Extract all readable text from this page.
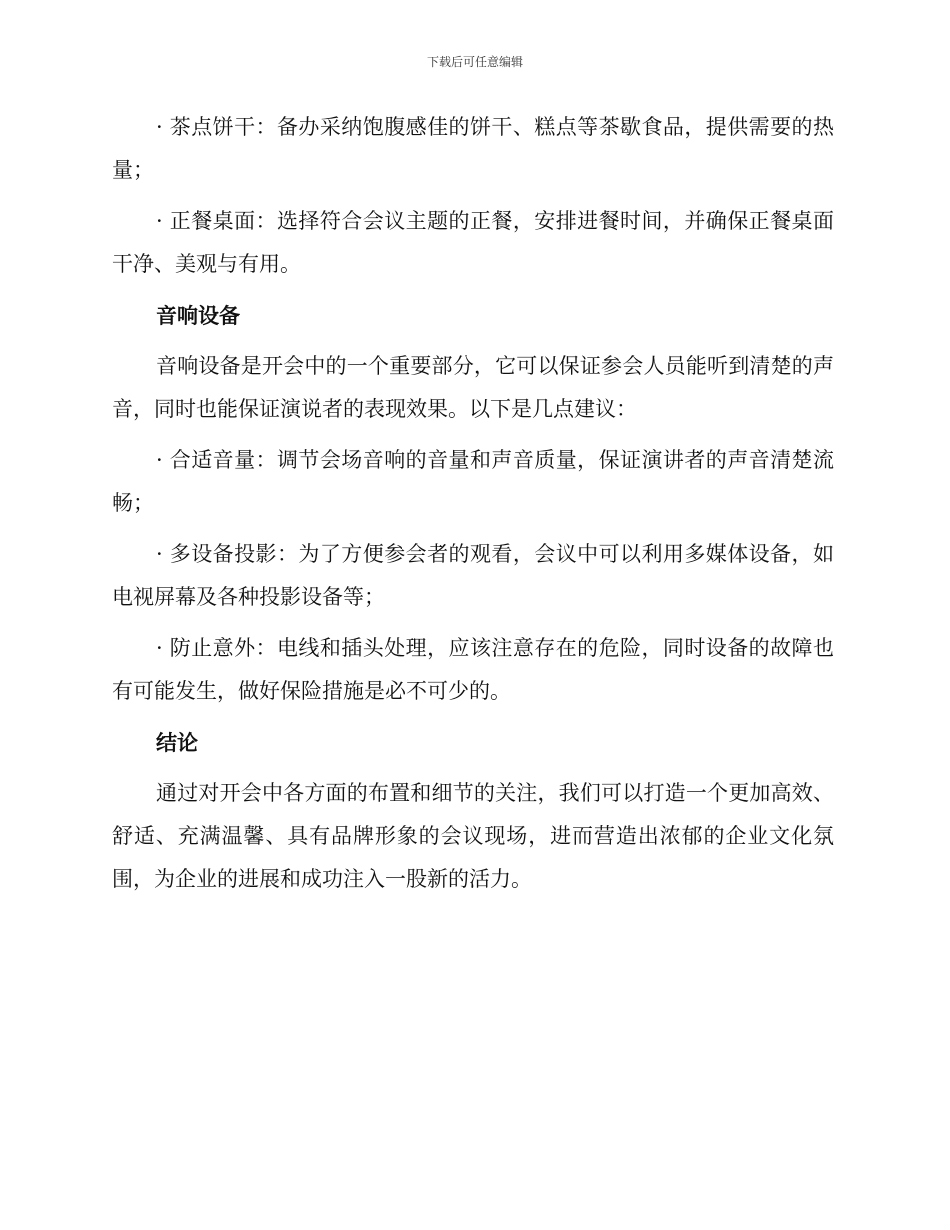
下载后可任意编辑

· 茶点饼干：备办采纳饱腹感佳的饼干、糕点等茶歇食品，提供需要的热量；

· 正餐桌面：选择符合会议主题的正餐，安排进餐时间，并确保正餐桌面干净、美观与有用。

音响设备

音响设备是开会中的一个重要部分，它可以保证参会人员能听到清楚的声音，同时也能保证演说者的表现效果。以下是几点建议：

· 合适音量：调节会场音响的音量和声音质量，保证演讲者的声音清楚流畅；

· 多设备投影：为了方便参会者的观看，会议中可以利用多媒体设备，如电视屏幕及各种投影设备等；

· 防止意外：电线和插头处理，应该注意存在的危险，同时设备的故障也有可能发生，做好保险措施是必不可少的。

结论

通过对开会中各方面的布置和细节的关注，我们可以打造一个更加高效、舒适、充满温馨、具有品牌形象的会议现场，进而营造出浓郁的企业文化氛围，为企业的进展和成功注入一股新的活力。
